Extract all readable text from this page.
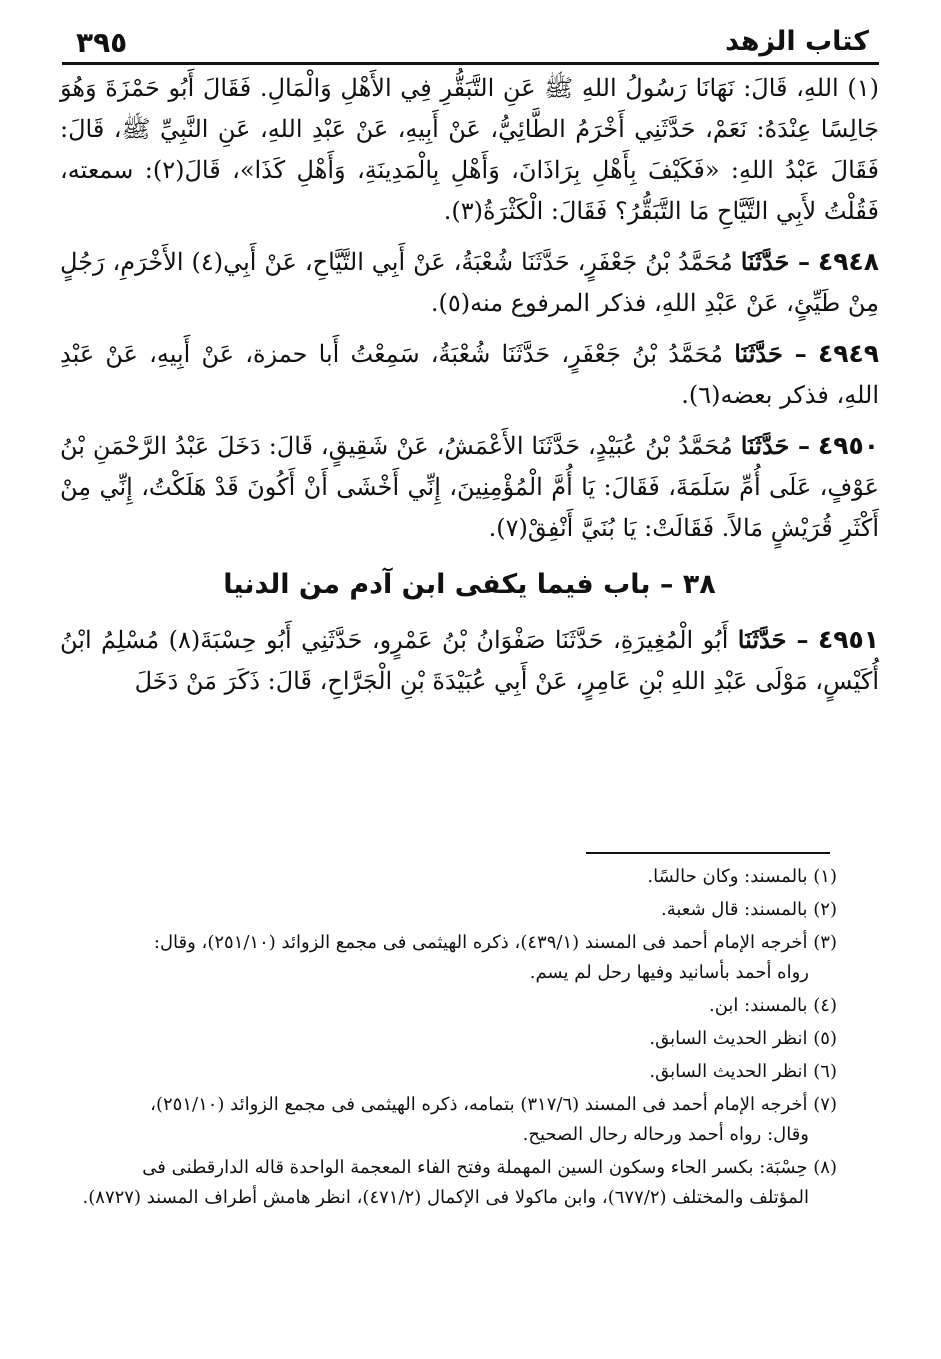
كتاب الزهد
٣٩٥

(١) اللهِ، قَالَ: نَهَانَا رَسُولُ اللهِ ﷺ عَنِ التَّبَقُّرِ فِي الأَهْلِ وَالْمَالِ. فَقَالَ أَبُو حَمْزَةَ وَهُوَ جَالِسًا عِنْدَهُ: نَعَمْ، حَدَّثَنِي أَخْرَمُ الطَّائِيُّ، عَنْ أَبِيهِ، عَنْ عَبْدِ اللهِ، عَنِ النَّبِيِّ ﷺ، قَالَ: فَقَالَ عَبْدُ اللهِ: «فَكَيْفَ بِأَهْلِ بِرَاذَانَ، وَأَهْلِ بِالْمَدِينَةِ، وَأَهْلِ كَذَا»، قَالَ(٢): سمعته، فَقُلْتُ لأَبِي التَّيَّاحِ مَا التَّبَقُّرُ؟ فَقَالَ: الْكَثْرَةُ(٣).

٤٩٤٨ – حَدَّثَنَا مُحَمَّدُ بْنُ جَعْفَرٍ، حَدَّثَنَا شُعْبَةُ، عَنْ أَبِي التَّيَّاحِ، عَنْ أَبِي(٤) الأَخْرَمِ، رَجُلٍ مِنْ طَيِّئٍ، عَنْ عَبْدِ اللهِ، فذكر المرفوع منه(٥).

٤٩٤٩ – حَدَّثَنَا مُحَمَّدُ بْنُ جَعْفَرٍ، حَدَّثَنَا شُعْبَةُ، سَمِعْتُ أَبا حمزة، عَنْ أَبِيهِ، عَنْ عَبْدِ اللهِ، فذكر بعضه(٦).

٤٩٥٠ – حَدَّثَنَا مُحَمَّدُ بْنُ عُبَيْدٍ، حَدَّثَنَا الأَعْمَشُ، عَنْ شَقِيقٍ، قَالَ: دَخَلَ عَبْدُ الرَّحْمَنِ بْنُ عَوْفٍ، عَلَى أُمِّ سَلَمَةَ، فَقَالَ: يَا أُمَّ الْمُؤْمِنِينَ، إِنِّي أَخْشَى أَنْ أَكُونَ قَدْ هَلَكْتُ، إِنِّي مِنْ أَكْثَرِ قُرَيْشٍ مَالاً. فَقَالَتْ: يَا بُنَيَّ أَنْفِقْ(٧).

٣٨ – باب فيما يكفى ابن آدم من الدنيا

٤٩٥١ – حَدَّثَنَا أَبُو الْمُغِيرَةِ، حَدَّثَنَا صَفْوَانُ بْنُ عَمْرٍو، حَدَّثَنِي أَبُو حِسْبَةَ(٨) مُسْلِمُ ابْنُ أُكَيْسٍ، مَوْلَى عَبْدِ اللهِ بْنِ عَامِرٍ، عَنْ أَبِي عُبَيْدَةَ بْنِ الْجَرَّاحِ، قَالَ: ذَكَرَ مَنْ دَخَلَ

(١) بالمسند: وكان حالسًا.

(٢) بالمسند: قال شعبة.

(٣) أخرجه الإمام أحمد فى المسند (٤٣٩/١)، ذكره الهيثمى فى مجمع الزوائد (٢٥١/١٠)، وقال:
رواه أحمد بأسانيد وفيها رحل لم يسم.

(٤) بالمسند: ابن.

(٥) انظر الحديث السابق.

(٦) انظر الحديث السابق.

(٧) أخرجه الإمام أحمد فى المسند (٣١٧/٦) بتمامه، ذكره الهيثمى فى مجمع الزوائد (٢٥١/١٠)،
وقال: رواه أحمد ورحاله رحال الصحيح.

(٨) حِسْبَة: بكسر الحاء وسكون السين المهملة وفتح الفاء المعجمة الواحدة قاله الدارقطنى فى
المؤتلف والمختلف (٦٧٧/٢)، وابن ماكولا فى الإكمال (٤٧١/٢)، انظر هامش أطراف المسند (٨٧٢٧).
